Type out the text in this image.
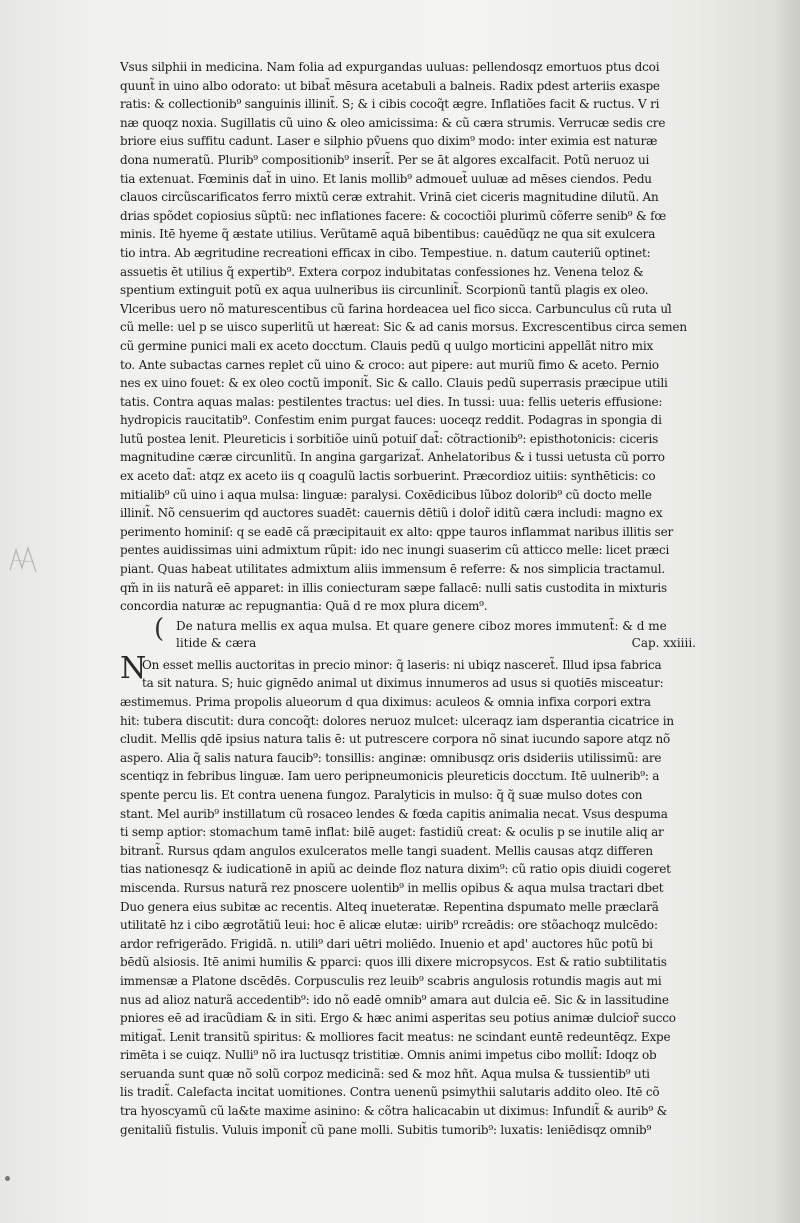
Vsus silphii in medicina. Nam folia ad expurgandas uuluas: pellendosqz emortuos ptus dcoi
quunt̃ in uino albo odorato: ut bibat̃ mēsura acetabuli a balneis. Radix pdest arteriis exaspe
ratis: & collectionib⁹ sanguinis illinit̃. S; & i cibis cocoq̃t ægre. Inflatiões facit & ructus. V ri
næ quoqz noxia. Sugillatis cũ uino & oleo amicissima: & cũ cæra strumis. Verrucæ sedis cre
briore eius suffitu cadunt. Laser e silphio pṽuens quo dixim⁹ modo: inter eximia est naturæ
dona numeratũ. Plurib⁹ compositionib⁹ inserit̃. Per se āt algores excalfacit. Potũ neruoz ui
tia extenuat. Fœminis dat̃ in uino. Et lanis mollib⁹ admouet̃ uuluæ ad mēses ciendos. Pedu
clauos circũscarificatos ferro mixtũ ceræ extrahit. Vrinā ciet ciceris magnitudine dilutũ. An
drias spõdet copiosius sũptũ: nec inflationes facere: & cococtiõi plurimũ cõferre senib⁹ & fœ
minis. Itē hyeme q̃ æstate utilius. Verũtamē aquā bibentibus: cauēdũqz ne qua sit exulcera
tio intra. Ab ægritudine recreationi efficax in cibo. Tempestiue. n. datum cauteriũ optinet:
assuetis ēt utilius q̃ expertib⁹. Extera corpoz indubitatas confessiones hz. Venena teloz &
spentium extinguit potũ ex aqua uulneribus iis circunlinit̃. Scorpionũ tantũ plagis ex oleo.
Vlceribus uero nõ maturescentibus cũ farina hordeacea uel fico sicca. Carbunculus cũ ruta u̕l
cũ melle: uel p se uisco superlitũ ut hæreat: Sic & ad canis morsus. Excrescentibus circa semen
cũ germine punici mali ex aceto docctum. Clauis pedũ q uulgo morticini appellãt nitro mix
to. Ante subactas carnes replet cũ uino & croco: aut pipere: aut muriũ fimo & aceto. Pernio
nes ex uino fouet: & ex oleo coctũ imponit̃. Sic & callo. Clauis pedũ superrasis præcipue utili
tatis. Contra aquas malas: pestilentes tractus: uel dies. In tussi: uua: fellis ueteris effusione:
hydropicis raucitatib⁹. Confestim enim purgat fauces: uoceqz reddit. Podagras in spongia di
lutũ postea lenit. Pleureticis i sorbitiõe uinũ potuiſ dat̃: cõtractionib⁹: episthotonicis: ciceris
magnitudine cæræ circunlitũ. In angina gargarizat̃. Anhelatoribus & i tussi uetusta cũ porro
ex aceto dat̃: atqz ex aceto iis q coagulũ lactis sorbuerint. Præcordioz uitiis: synthēticis: co
mitialib⁹ cũ uino i aqua mulsa: linguæ: paralysi. Coxēdicibus lũboz dolorib⁹ cũ docto melle
illinit̃. Nõ censuerim qd auctores suadēt: cauernis dētiũ i dolor̃ iditũ cæra includi: magno ex
perimento hominiſ: q se eadē cã præcipitauit ex alto: qppe tauros inflammat naribus illitis ser
pentes auidissimas uini admixtum rũpit: ido nec inungi suaserim cũ atticco melle: licet præci
piant. Quas habeat utilitates admixtum aliis immensum ē referre: & nos simplicia tractamul.
qm̃ in iis naturã eē apparet: in illis coniecturam sæpe fallacē: nulli satis custodita in mixturis
concordia naturæ ac repugnantia: Quã d re mox plura dicem⁹.
( De natura mellis ex aqua mulsa. Et quare genere ciboz mores immutent̃: & d me
litide & cæra	Cap. xxiiii.
N
On esset mellis auctoritas in precio minor: q̃ laseris: ni ubiqz nasceret̃. Illud ipsa fabrica
ta sit natura. S; huic gignēdo animal ut diximus innumeros ad usus si quotiēs misceatur:
æstimemus. Prima propolis alueorum d qua diximus: aculeos & omnia infixa corpori extra
hit: tubera discutit: dura concoq̃t: dolores neruoz mulcet: ulceraqz iam dsperantia cicatrice in
cludit. Mellis qdē ipsius natura talis ē: ut putrescere corpora nõ sinat iucundo sapore atqz nõ
aspero. Alia q̃ salis natura faucib⁹: tonsillis: anginæ: omnibusqz oris dsideriis utilissimũ: are
scentiqz in febribus linguæ. Iam uero peripneumonicis pleureticis docctum. Itē uulnerib⁹: a
spente percu lis. Et contra uenena fungoz. Paralyticis in mulso: q̃ q̃ suæ mulso dotes con
stant. Mel aurib⁹ instillatum cũ rosaceo lendes & fœda capitis animalia necat. Vsus despuma
ti semp aptior: stomachum tamē inflat: bilē auget: fastidiũ creat: & oculis p se inutile aliq ar
bitrant̃. Rursus qdam angulos exulceratos melle tangi suadent. Mellis causas atqz differen
tias nationesqz & iudicationē in apiũ ac deinde floz natura dixim⁹: cũ ratio opis diuidi cogeret
miscenda. Rursus naturã rez pnoscere uolentib⁹ in mellis opibus & aqua mulsa tractari dbet
Duo genera eius subitæ ac recentis. Alteq inueteratæ. Repentina dspumato melle præclarã
utilitatē hz i cibo ægrotãtiũ leui: hoc ē alicæ elutæ: uirib⁹ rcreādis: ore stõachoqz mulcēdo:
ardor refrigerādo. Frigidã. n. utili⁹ dari uētri moliēdo. Inuenio et apd' auctores hũc potũ bi
bēdũ alsiosis. Itē animi humilis & pparci: quos illi dixere micropsycos. Est & ratio subtilitatis
immensæ a Platone dscēdēs. Corpusculis rez leuib⁹ scabris angulosis rotundis magis aut mi
nus ad alioz naturã accedentib⁹: ido nõ eadē omnib⁹ amara aut dulcia eē. Sic & in lassitudine
pniores eē ad iracũdiam & in siti. Ergo & hæc animi asperitas seu potius animæ dulcior̃ succo
mitigat̃. Lenit transitũ spiritus: & molliores facit meatus: ne scindant euntē redeuntēqz. Expe
rimēta i se cuiqz. Nulli⁹ nõ ira luctusqz tristitiæ. Omnis animi impetus cibo mollit̃: Idoqz ob
seruanda sunt quæ nõ solũ corpoz medicinã: sed & moz hñt. Aqua mulsa & tussientib⁹ uti
lis tradit̃. Calefacta incitat uomitiones. Contra uenenũ psimythii salutaris addito oleo. Itē cõ
tra hyoscyamũ cũ la&te maxime asinino: & cõtra halicacabin ut diximus: Infundit̃ & aurib⁹ &
genitaliũ fistulis. Vuluis imponit̃ cũ pane molli. Subitis tumorib⁹: luxatis: leniēdisqz omnib⁹
